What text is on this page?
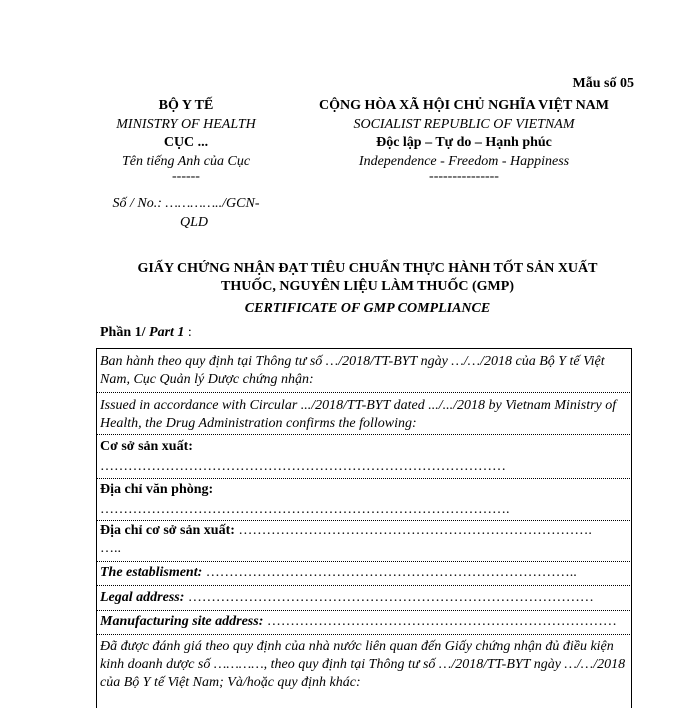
Mẫu số 05
BỘ Y TẾ
MINISTRY OF HEALTH
CỤC ...
Tên tiếng Anh của Cục
------
Số / No.: …………../GCN-
QLD
CỘNG HÒA XÃ HỘI CHỦ NGHĨA VIỆT NAM
SOCIALIST REPUBLIC OF VIETNAM
Độc lập – Tự do – Hạnh phúc
Independence - Freedom - Happiness
---------------
GIẤY CHỨNG NHẬN ĐẠT TIÊU CHUẨN THỰC HÀNH TỐT SẢN XUẤT
THUỐC, NGUYÊN LIỆU LÀM THUỐC (GMP)
CERTIFICATE OF GMP COMPLIANCE
Phần 1/ Part 1 :
Ban hành theo quy định tại Thông tư số …/2018/TT-BYT ngày …/…/2018 của Bộ Y tế Việt Nam, Cục Quản lý Dược chứng nhận:
Issued in accordance with Circular .../2018/TT-BYT dated .../.../2018 by Vietnam Ministry of Health, the Drug Administration confirms the following:
Cơ sở sản xuất:
……………………………………………………………………………
Địa chỉ văn phòng:
…………………………………………………………………………….
Địa chỉ cơ sở sản xuất: ………………………………………………………………….
…..
The establisment: ……………………………………………………………………..
Legal address: ……………………………………………………………………………
Manufacturing site address: …………………………………………………………………
Đã được đánh giá theo quy định của nhà nước liên quan đến Giấy chứng nhận đủ điều kiện kinh doanh dược số …………, theo quy định tại Thông tư số …/2018/TT-BYT ngày …/…/2018 của Bộ Y tế Việt Nam; Và/hoặc quy định khác:
